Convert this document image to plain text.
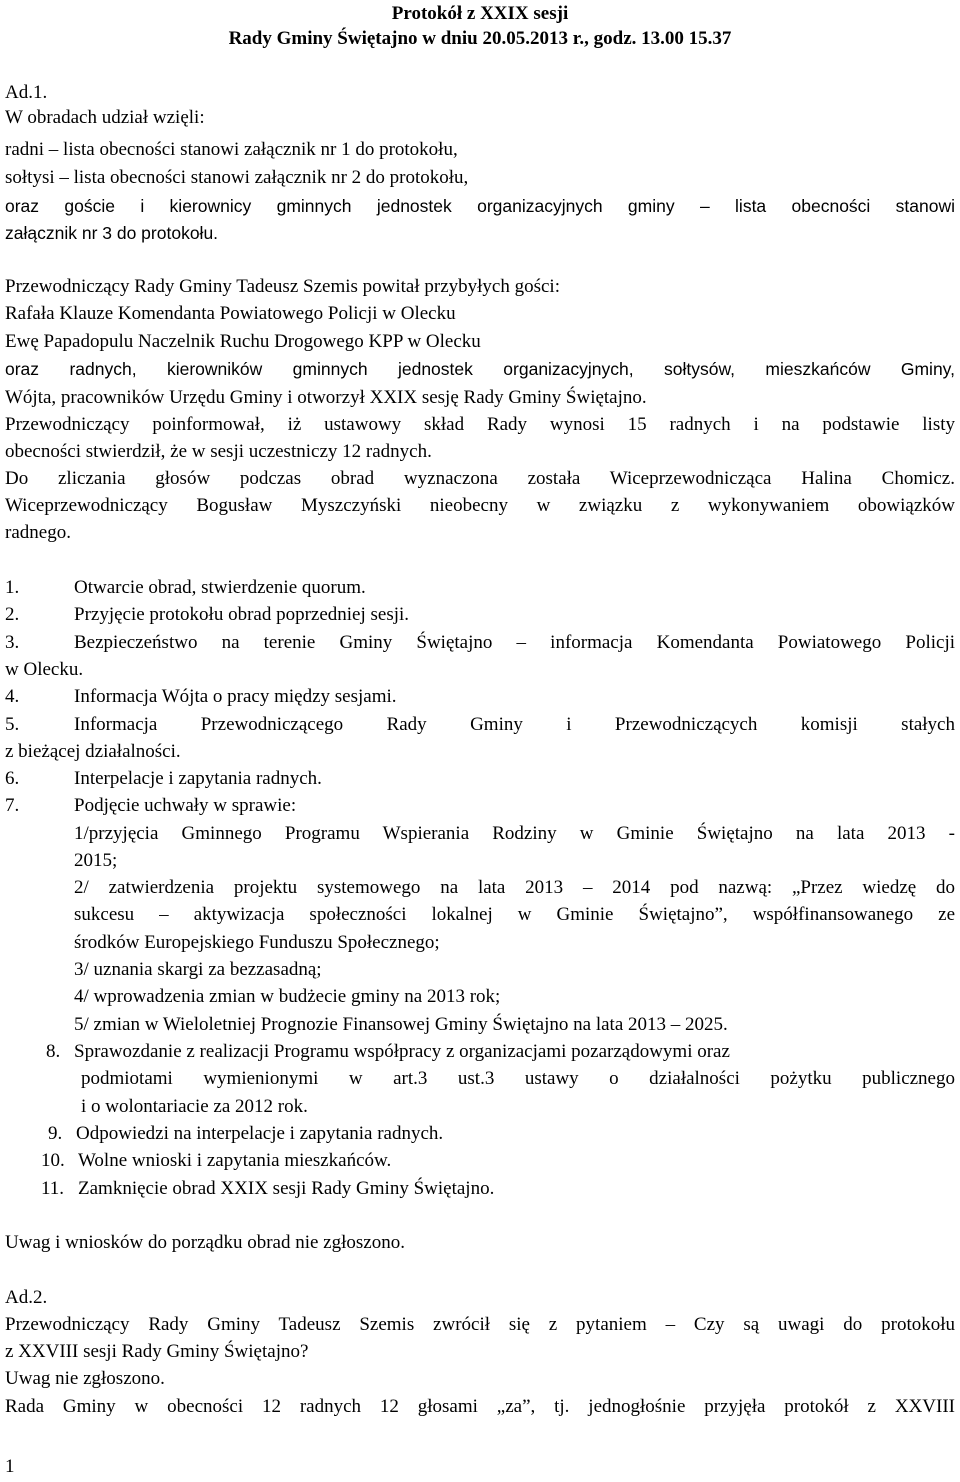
Protokół z XXIX sesji
Rady Gminy Świętajno w dniu 20.05.2013 r., godz. 13.00 15.37
Ad.1.
W obradach udział wzięli:
radni – lista obecności stanowi załącznik nr 1 do protokołu,
sołtysi – lista obecności stanowi załącznik nr 2 do protokołu,
oraz goście i kierownicy gminnych jednostek organizacyjnych gminy – lista obecności stanowi
załącznik nr 3 do protokołu.
Przewodniczący Rady Gminy Tadeusz Szemis powitał przybyłych gości:
Rafała Klauze Komendanta Powiatowego Policji w Olecku
Ewę Papadopulu Naczelnik Ruchu Drogowego KPP w Olecku
oraz radnych, kierowników gminnych jednostek organizacyjnych, sołtysów, mieszkańców Gminy,
Wójta, pracowników Urzędu Gminy i otworzył XXIX sesję Rady Gminy Świętajno.
Przewodniczący poinformował, iż ustawowy skład Rady wynosi 15 radnych i na podstawie listy
obecności stwierdził, że w sesji uczestniczy 12 radnych.
Do zliczania głosów podczas obrad wyznaczona została Wiceprzewodnicząca Halina Chomicz.
Wiceprzewodniczący Bogusław Myszczyński nieobecny w związku z wykonywaniem obowiązków
radnego.
1.	Otwarcie obrad, stwierdzenie quorum.
2.	Przyjęcie protokołu obrad poprzedniej sesji.
3.	Bezpieczeństwo na terenie Gminy Świętajno – informacja Komendanta Powiatowego Policji
w Olecku.
4.	Informacja Wójta o pracy między sesjami.
5.	Informacja Przewodniczącego Rady Gminy i Przewodniczących komisji stałych
z bieżącej działalności.
6.	Interpelacje i zapytania radnych.
7.	Podjęcie uchwały w sprawie:
1/przyjęcia Gminnego Programu Wspierania Rodziny w Gminie Świętajno na lata 2013 -
2015;
2/ zatwierdzenia projektu systemowego na lata 2013 – 2014 pod nazwą: „Przez wiedzę do
sukcesu – aktywizacja społeczności lokalnej w Gminie Świętajno”, współfinansowanego ze
środków Europejskiego Funduszu Społecznego;
3/ uznania skargi za bezzasadną;
4/ wprowadzenia zmian w budżecie gminy na 2013 rok;
5/ zmian w Wieloletniej Prognozie Finansowej Gminy Świętajno na lata 2013 – 2025.
8. Sprawozdanie z realizacji Programu współpracy z organizacjami pozarządowymi oraz
podmiotami wymienionymi w art.3 ust.3 ustawy o działalności pożytku publicznego
i o wolontariacie za 2012 rok.
9. Odpowiedzi na interpelacje i zapytania radnych.
10. Wolne wnioski i zapytania mieszkańców.
11. Zamknięcie obrad XXIX sesji Rady Gminy Świętajno.
Uwag i wniosków do porządku obrad nie zgłoszono.
Ad.2.
Przewodniczący Rady Gminy Tadeusz Szemis zwrócił się z pytaniem – Czy są uwagi do protokołu
z XXVIII sesji Rady Gminy Świętajno?
Uwag nie zgłoszono.
Rada Gminy w obecności 12 radnych 12 głosami „za”, tj. jednogłośnie przyjęła protokół z XXVIII
1
